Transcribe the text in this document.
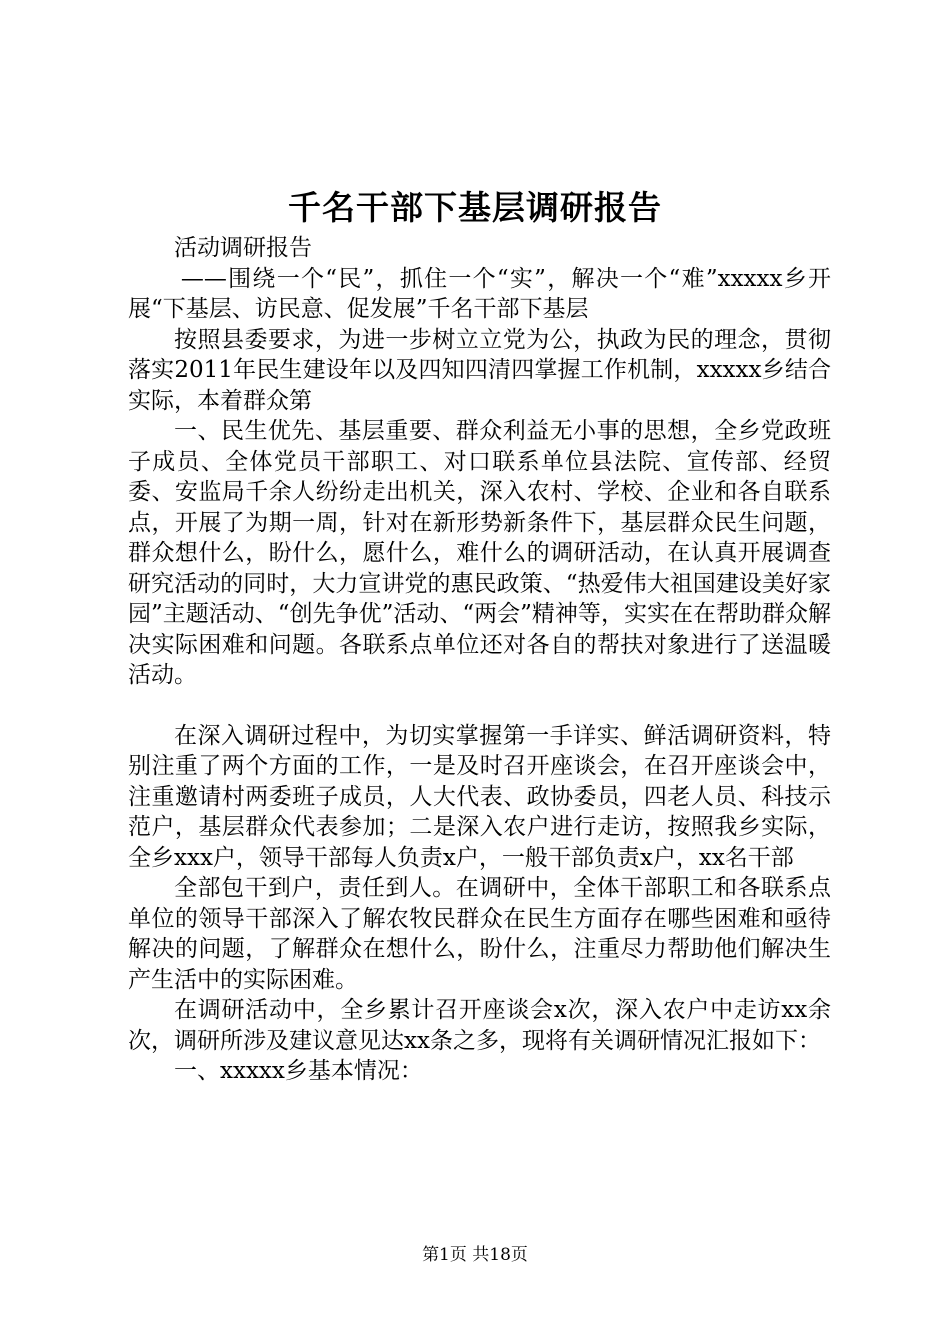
千名干部下基层调研报告

活动调研报告

——围绕一个“民”，抓住一个“实”，解决一个“难”xxxxx乡开展“下基层、访民意、促发展”千名干部下基层

按照县委要求，为进一步树立立党为公，执政为民的理念，贯彻落实2011年民生建设年以及四知四清四掌握工作机制，xxxxx乡结合实际，本着群众第

一、民生优先、基层重要、群众利益无小事的思想，全乡党政班子成员、全体党员干部职工、对口联系单位县法院、宣传部、经贸委、安监局千余人纷纷走出机关，深入农村、学校、企业和各自联系点，开展了为期一周，针对在新形势新条件下，基层群众民生问题，群众想什么，盼什么，愿什么，难什么的调研活动，在认真开展调查研究活动的同时，大力宣讲党的惠民政策、“热爱伟大祖国建设美好家园”主题活动、“创先争优”活动、“两会”精神等，实实在在帮助群众解决实际困难和问题。各联系点单位还对各自的帮扶对象进行了送温暖活动。

在深入调研过程中，为切实掌握第一手详实、鲜活调研资料，特别注重了两个方面的工作，一是及时召开座谈会，在召开座谈会中，注重邀请村两委班子成员，人大代表、政协委员，四老人员、科技示范户，基层群众代表参加；二是深入农户进行走访，按照我乡实际，全乡xxx户，领导干部每人负责x户，一般干部负责x户，xx名干部

全部包干到户，责任到人。在调研中，全体干部职工和各联系点单位的领导干部深入了解农牧民群众在民生方面存在哪些困难和亟待解决的问题，了解群众在想什么，盼什么，注重尽力帮助他们解决生产生活中的实际困难。

在调研活动中，全乡累计召开座谈会x次，深入农户中走访xx余次，调研所涉及建议意见达xx条之多，现将有关调研情况汇报如下：

一、xxxxx乡基本情况：

第1页 共18页
